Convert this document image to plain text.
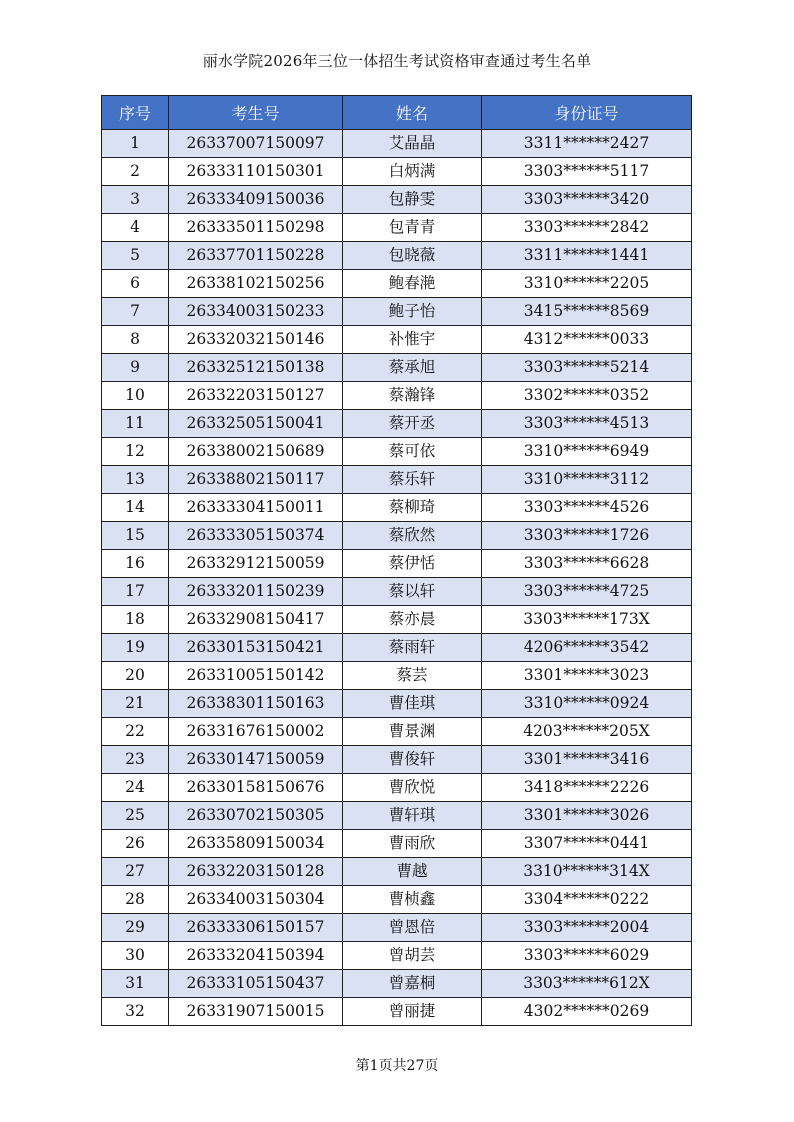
丽水学院2026年三位一体招生考试资格审查通过考生名单
序号	考生号	姓名	身份证号
1	26337007150097	艾晶晶	3311******2427
2	26333110150301	白炳满	3303******5117
3	26333409150036	包静雯	3303******3420
4	26333501150298	包青青	3303******2842
5	26337701150228	包晓薇	3311******1441
6	26338102150256	鲍春滟	3310******2205
7	26334003150233	鲍子怡	3415******8569
8	26332032150146	补惟宇	4312******0033
9	26332512150138	蔡承旭	3303******5214
10	26332203150127	蔡瀚锋	3302******0352
11	26332505150041	蔡开丞	3303******4513
12	26338002150689	蔡可依	3310******6949
13	26338802150117	蔡乐轩	3310******3112
14	26333304150011	蔡柳琦	3303******4526
15	26333305150374	蔡欣然	3303******1726
16	26332912150059	蔡伊恬	3303******6628
17	26333201150239	蔡以轩	3303******4725
18	26332908150417	蔡亦晨	3303******173X
19	26330153150421	蔡雨轩	4206******3542
20	26331005150142	蔡芸	3301******3023
21	26338301150163	曹佳琪	3310******0924
22	26331676150002	曹景渊	4203******205X
23	26330147150059	曹俊轩	3301******3416
24	26330158150676	曹欣悦	3418******2226
25	26330702150305	曹轩琪	3301******3026
26	26335809150034	曹雨欣	3307******0441
27	26332203150128	曹越	3310******314X
28	26334003150304	曹桢鑫	3304******0222
29	26333306150157	曾恩倍	3303******2004
30	26333204150394	曾胡芸	3303******6029
31	26333105150437	曾嘉桐	3303******612X
32	26331907150015	曾丽捷	4302******0269
第1页共27页
